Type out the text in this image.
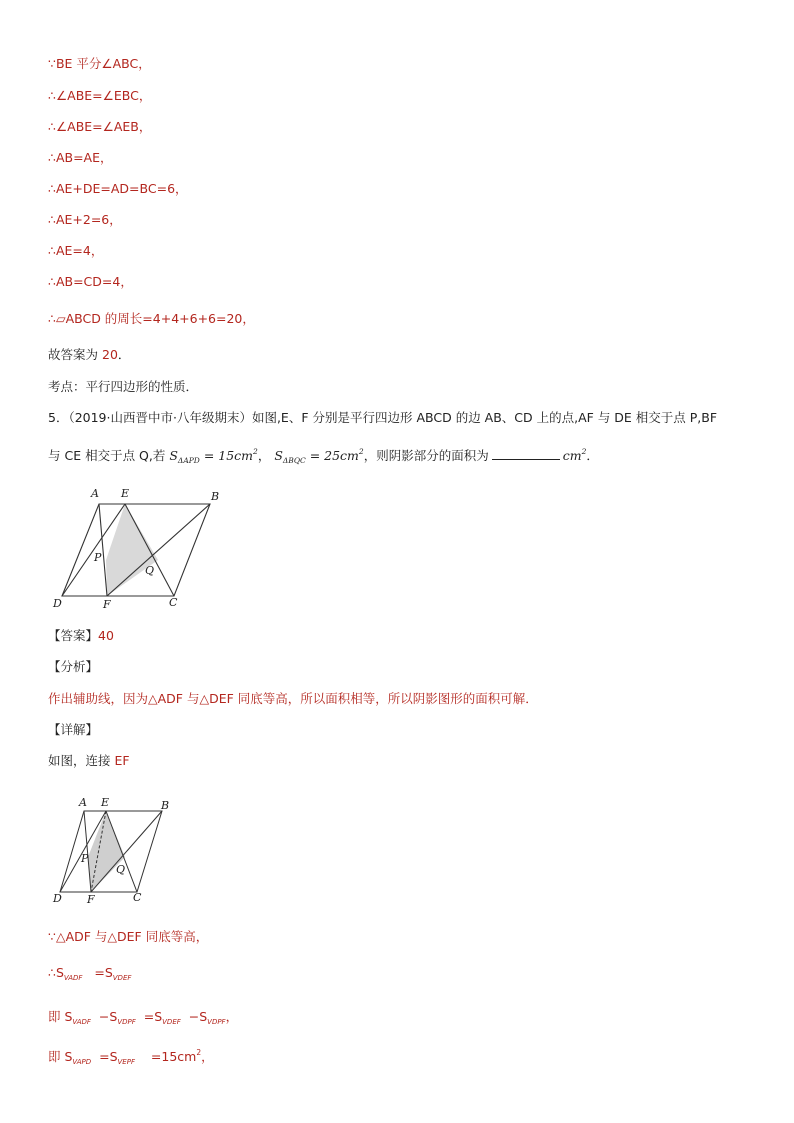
∵BE 平分∠ABC，
∴∠ABE=∠EBC，
∴∠ABE=∠AEB，
∴AB=AE，
∴AE+DE=AD=BC=6，
∴AE+2=6，
∴AE=4，
∴AB=CD=4，
∴▱ABCD 的周长=4+4+6+6=20，
故答案为 20．
考点：平行四边形的性质．
5．（2019·山西晋中市·八年级期末）如图,E、F 分别是平行四边形 ABCD 的边 AB、CD 上的点,AF 与 DE 相交于点 P,BF
与 CE 相交于点 Q,若 $S_{\Delta APD} = 15cm^2$， $S_{\Delta BQC} = 25cm^2$，则阴影部分的面积为	$cm^2$．
A E	B
P
Q
D	F	C
【答案】40
【分析】
作出辅助线，因为△ADF 与△DEF 同底等高，所以面积相等，所以阴影图形的面积可解．
【详解】
如图，连接 EF
A E	B
P
Q
D F	C
∵△ADF 与△DEF 同底等高，
$\therefore S_{VADF} =S_{VDEF}$
即 $S_{VADF} -S_{VDPF} =S_{VDEF} -S_{VDPF}$，
即 $S_{VAPD} =S_{VEPF} =15cm^2$，
